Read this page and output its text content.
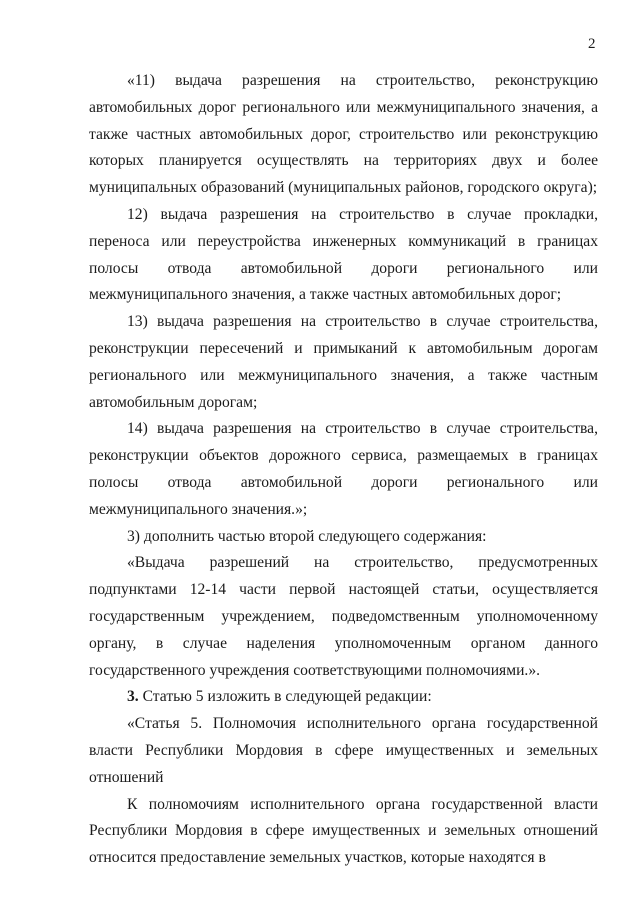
2

«11) выдача разрешения на строительство, реконструкцию автомобильных дорог регионального или межмуниципального значения, а также частных автомобильных дорог, строительство или реконструкцию которых планируется осуществлять на территориях двух и более муниципальных образований (муниципальных районов, городского округа);

12) выдача разрешения на строительство в случае прокладки, переноса или переустройства инженерных коммуникаций в границах полосы отвода автомобильной дороги регионального или межмуниципального значения, а также частных автомобильных дорог;

13) выдача разрешения на строительство в случае строительства, реконструкции пересечений и примыканий к автомобильным дорогам регионального или межмуниципального значения, а также частным автомобильным дорогам;

14) выдача разрешения на строительство в случае строительства, реконструкции объектов дорожного сервиса, размещаемых в границах полосы отвода автомобильной дороги регионального или межмуниципального значения.»;

3) дополнить частью второй следующего содержания:

«Выдача разрешений на строительство, предусмотренных подпунктами 12-14 части первой настоящей статьи, осуществляется государственным учреждением, подведомственным уполномоченному органу, в случае наделения уполномоченным органом данного государственного учреждения соответствующими полномочиями.».

3. Статью 5 изложить в следующей редакции:

«Статья 5. Полномочия исполнительного органа государственной власти Республики Мордовия в сфере имущественных и земельных отношений

К полномочиям исполнительного органа государственной власти Республики Мордовия в сфере имущественных и земельных отношений относится предоставление земельных участков, которые находятся в
